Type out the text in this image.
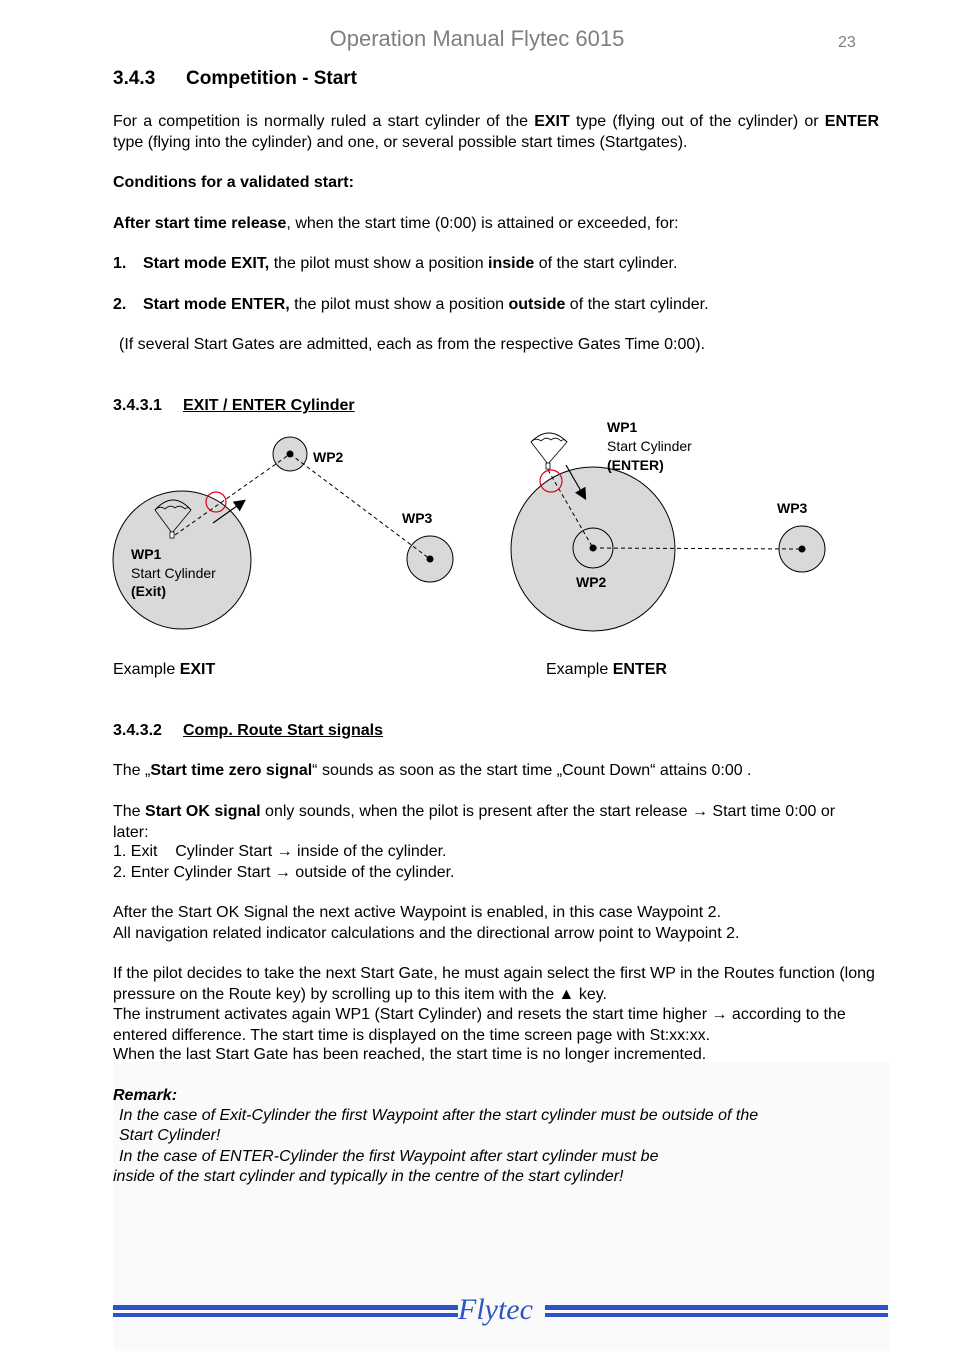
Operation Manual Flytec 6015	23
3.4.3 Competition - Start
For a competition is normally ruled a start cylinder of the EXIT type (flying out of the cylinder) or ENTER type (flying into the cylinder) and one, or several possible start times (Startgates).
Conditions for a validated start:
After start time release, when the start time (0:00) is attained or exceeded, for:
1. Start mode EXIT, the pilot must show a position inside of the start cylinder.
2. Start mode ENTER, the pilot must show a position outside of the start cylinder.
(If several Start Gates are admitted, each as from the respective Gates Time 0:00).
3.4.3.1 EXIT / ENTER Cylinder
WP1
Start Cylinder
(Exit)
WP2
WP3
WP1
Start Cylinder
(ENTER)
WP2
WP3
Example EXIT	Example ENTER
3.4.3.2 Comp. Route Start signals
The „Start time zero signal“ sounds as soon as the start time „Count Down“ attains 0:00 .
The Start OK signal only sounds, when the pilot is present after the start release → Start time 0:00 or later:
1. Exit    Cylinder Start → inside of the cylinder.
2. Enter Cylinder Start → outside of the cylinder.
After the Start OK Signal the next active Waypoint is enabled, in this case Waypoint 2.
All navigation related indicator calculations and the directional arrow point to Waypoint 2.
If the pilot decides to take the next Start Gate, he must again select the first WP in the Routes function (long pressure on the Route key) by scrolling up to this item with the ▲ key.
The instrument activates again WP1 (Start Cylinder) and resets the start time higher → according to the entered difference. The start time is displayed on the time screen page with St:xx:xx.
When the last Start Gate has been reached, the start time is no longer incremented.
Remark:
In the case of Exit-Cylinder the first Waypoint after the start cylinder must be outside of the
Start Cylinder!
In the case of ENTER-Cylinder the first Waypoint after start cylinder must be
inside of the start cylinder and typically in the centre of the start cylinder!
Flytec
